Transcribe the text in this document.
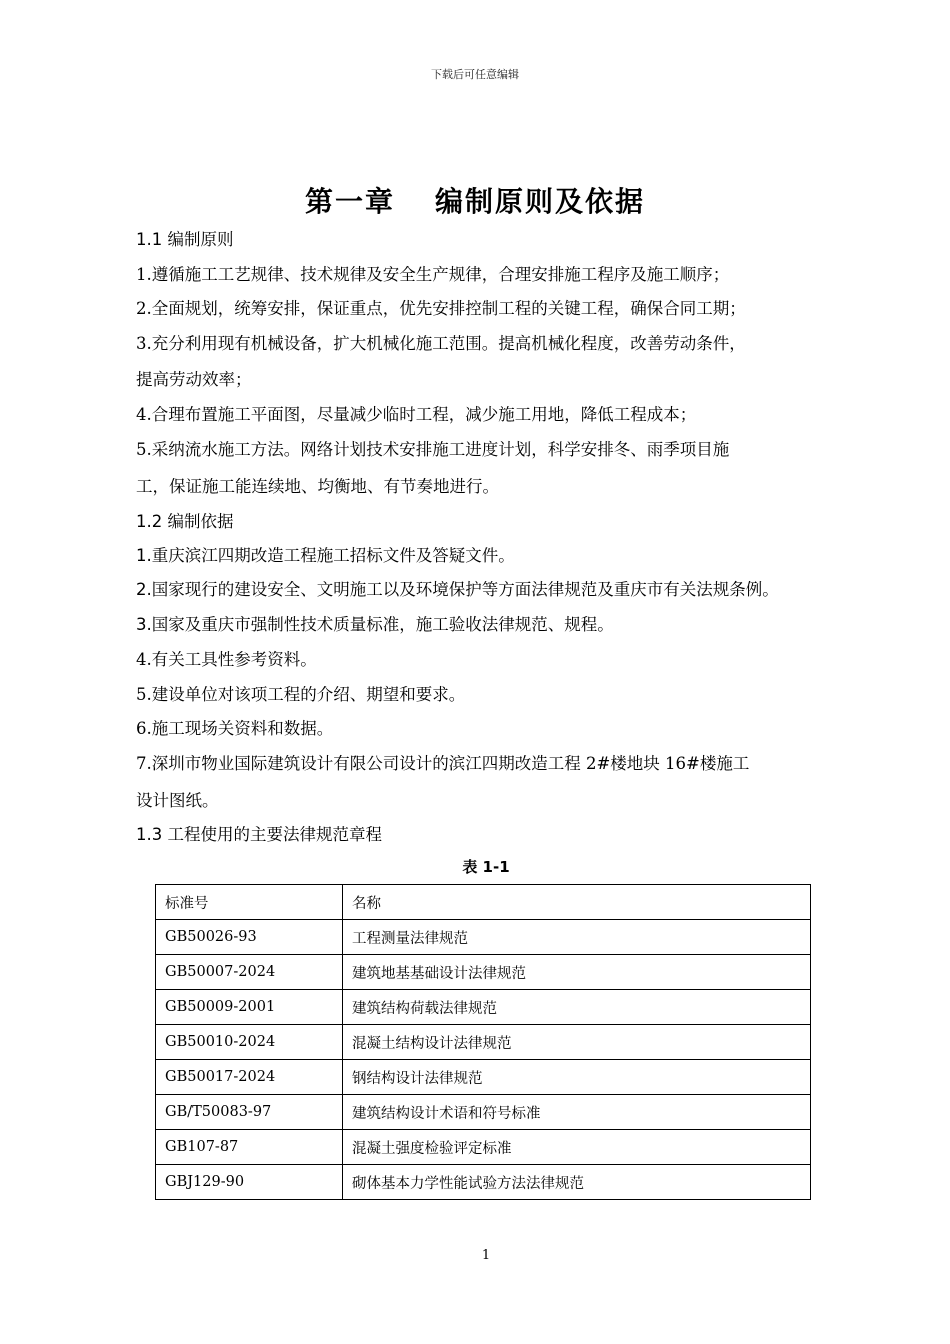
下载后可任意编辑
第一章 编制原则及依据
1.1 编制原则
1.遵循施工工艺规律、技术规律及安全生产规律，合理安排施工程序及施工顺序；
2.全面规划，统筹安排，保证重点，优先安排控制工程的关键工程，确保合同工期；
3.充分利用现有机械设备，扩大机械化施工范围。提高机械化程度，改善劳动条件，
提高劳动效率；
4.合理布置施工平面图，尽量减少临时工程，减少施工用地，降低工程成本；
5.采纳流水施工方法。网络计划技术安排施工进度计划，科学安排冬、雨季项目施
工，保证施工能连续地、均衡地、有节奏地进行。
1.2 编制依据
1.重庆滨江四期改造工程施工招标文件及答疑文件。
2.国家现行的建设安全、文明施工以及环境保护等方面法律规范及重庆市有关法规条例。
3.国家及重庆市强制性技术质量标准，施工验收法律规范、规程。
4.有关工具性参考资料。
5.建设单位对该项工程的介绍、期望和要求。
6.施工现场关资料和数据。
7.深圳市物业国际建筑设计有限公司设计的滨江四期改造工程 2#楼地块 16#楼施工
设计图纸。
1.3 工程使用的主要法律规范章程
表 1-1
标准号	名称
GB50026-93	工程测量法律规范
GB50007-2024	建筑地基基础设计法律规范
GB50009-2001	建筑结构荷载法律规范
GB50010-2024	混凝土结构设计法律规范
GB50017-2024	钢结构设计法律规范
GB/T50083-97	建筑结构设计术语和符号标准
GB107-87	混凝土强度检验评定标准
GBJ129-90	砌体基本力学性能试验方法法律规范
1
